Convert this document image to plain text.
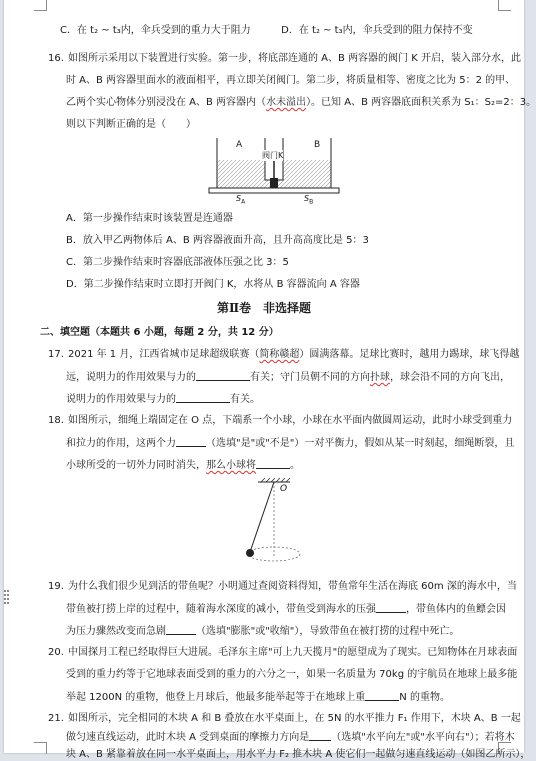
C．在 t₂ ~ t₃内，伞兵受到的重力大于阻力	D．在 t₂ ~ t₃内，伞兵受到的阻力保持不变
16. 如图所示采用以下装置进行实验。第一步，将底部连通的 A、B 两容器的阀门 K 开启，装入部分水，此
时 A、B 两容器里面水的液面相平，再立即关闭阀门。第二步，将质量相等、密度之比为 5：2 的甲、
乙两个实心物体分别浸没在 A、B 两容器内（水未溢出）。已知 A、B 两容器底面积关系为 S₁：S₂=2：3。
则以下判断正确的是（　　）
A	B
阀门K
$S_A$	$S_B$
A．第一步操作结束时该装置是连通器
B．放入甲乙两物体后 A、B 两容器液面升高，且升高高度比是 5：3
C．第二步操作结束时容器底部液体压强之比 3：5
D．第二步操作结束时立即打开阀门 K，水将从 B 容器流向 A 容器
第Ⅱ卷　非选择题
二、填空题（本题共 6 小题，每题 2 分，共 12 分）
17. 2021 年 1 月，江西省城市足球超级联赛（简称赣超）圆满落幕。足球比赛时，越用力踢球，球飞得越
远，说明力的作用效果与力的	有关；守门员朝不同的方向扑球，球会沿不同的方向飞出，
说明力的作用效果与力的	有关。
18. 如图所示，细绳上端固定在 O 点，下端系一个小球，小球在水平面内做圆周运动，此时小球受到重力
和拉力的作用，这两个力	（选填"是"或"不是"）一对平衡力，假如从某一时刻起，细绳断裂，且
小球所受的一切外力同时消失，那么小球将	。
O
19. 为什么我们很少见到活的带鱼呢？小明通过查阅资料得知，带鱼常年生活在海底 60m 深的海水中，当
带鱼被打捞上岸的过程中，随着海水深度的减小，带鱼受到海水的压强	，带鱼体内的鱼鳔会因
为压力骤然改变而急剧	（选填"膨胀"或"收缩"），导致带鱼在被打捞的过程中死亡。
20. 中国探月工程已经取得巨大进展。毛泽东主席"可上九天揽月"的愿望成为了现实。已知物体在月球表面
受到的重力约等于它地球表面受到的重力的六分之一，如果一名质量为 70kg 的宇航员在地球上最多能
举起 1200N 的重物，他登上月球后，他最多能举起等于在地球上重	N 的重物。
21. 如图所示，完全相同的木块 A 和 B 叠放在水平桌面上，在 5N 的水平推力 F₁ 作用下，木块 A、B 一起
做匀速直线运动，此时木块 A 受到桌面的摩擦力方向是 （选填"水平向左"或"水平向右"）；若将木
块 A、B 紧靠着放在同一水平桌面上，用水平力 F₂ 推木块 A 使它们一起做匀速直线运动（如图乙所示），
